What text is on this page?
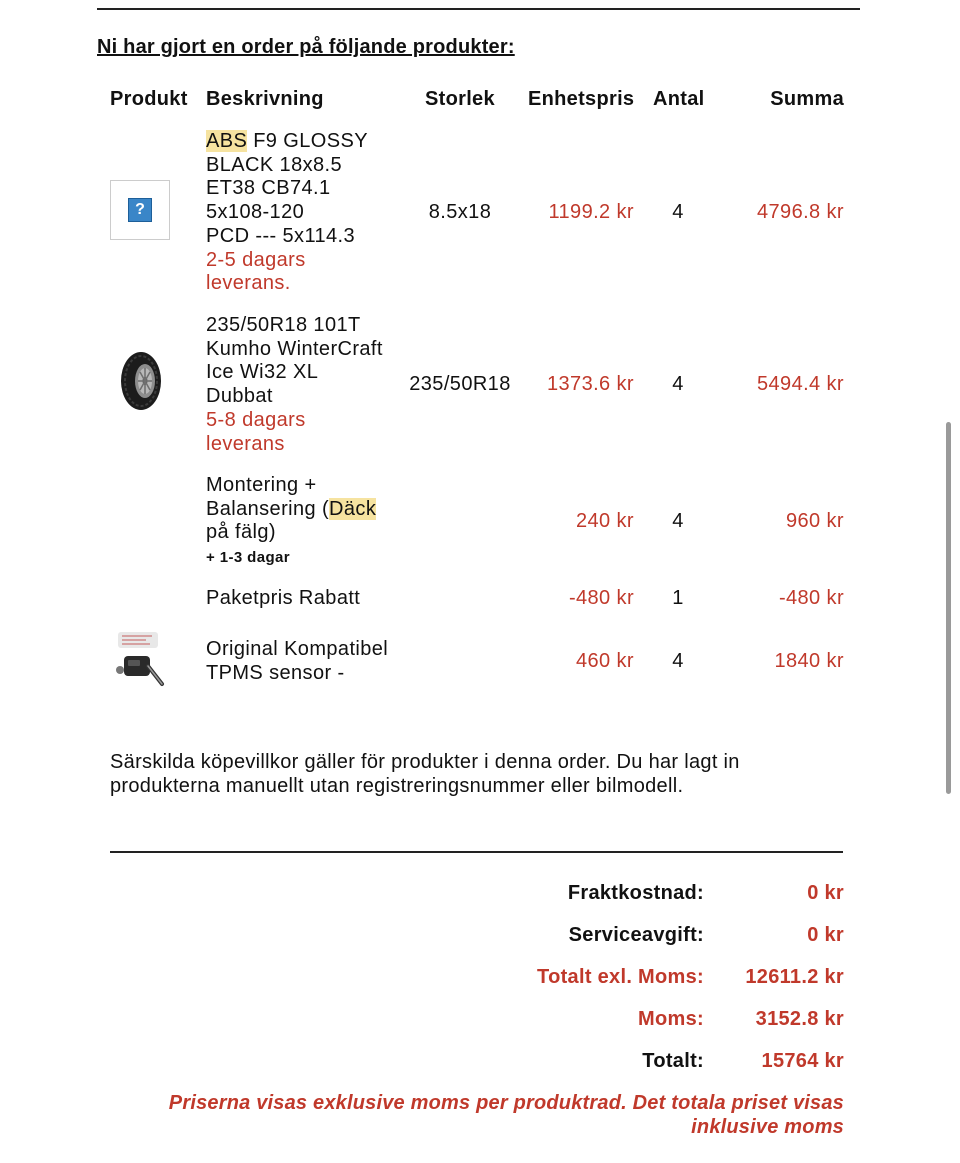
Ni har gjort en order på följande produkter:
Produkt Beskrivning	Storlek Enhetspris Antal	Summa
?
ABS F9 GLOSSY
BLACK 18x8.5
ET38 CB74.1
5x108-120
PCD --- 5x114.3
2-5 dagars
leverans.
8.5x18	1199.2 kr	4	4796.8 kr
235/50R18 101T
Kumho WinterCraft
Ice Wi32 XL
Dubbat
5-8 dagars
leverans
235/50R18 1373.6 kr	4	5494.4 kr
Montering +
Balansering (Däck
på fälg)
+ 1-3 dagar
240 kr	4	960 kr
Paketpris Rabatt	-480 kr	1	-480 kr
Original Kompatibel
TPMS sensor -
460 kr	4	1840 kr
Särskilda köpevillkor gäller för produkter i denna order. Du har lagt in produkterna manuellt utan registreringsnummer eller bilmodell.
Fraktkostnad:	0 kr
Serviceavgift:	0 kr
Totalt exl. Moms: 12611.2 kr
Moms:	3152.8 kr
Totalt:	15764 kr
Priserna visas exklusive moms per produktrad. Det totala priset visas inklusive moms
